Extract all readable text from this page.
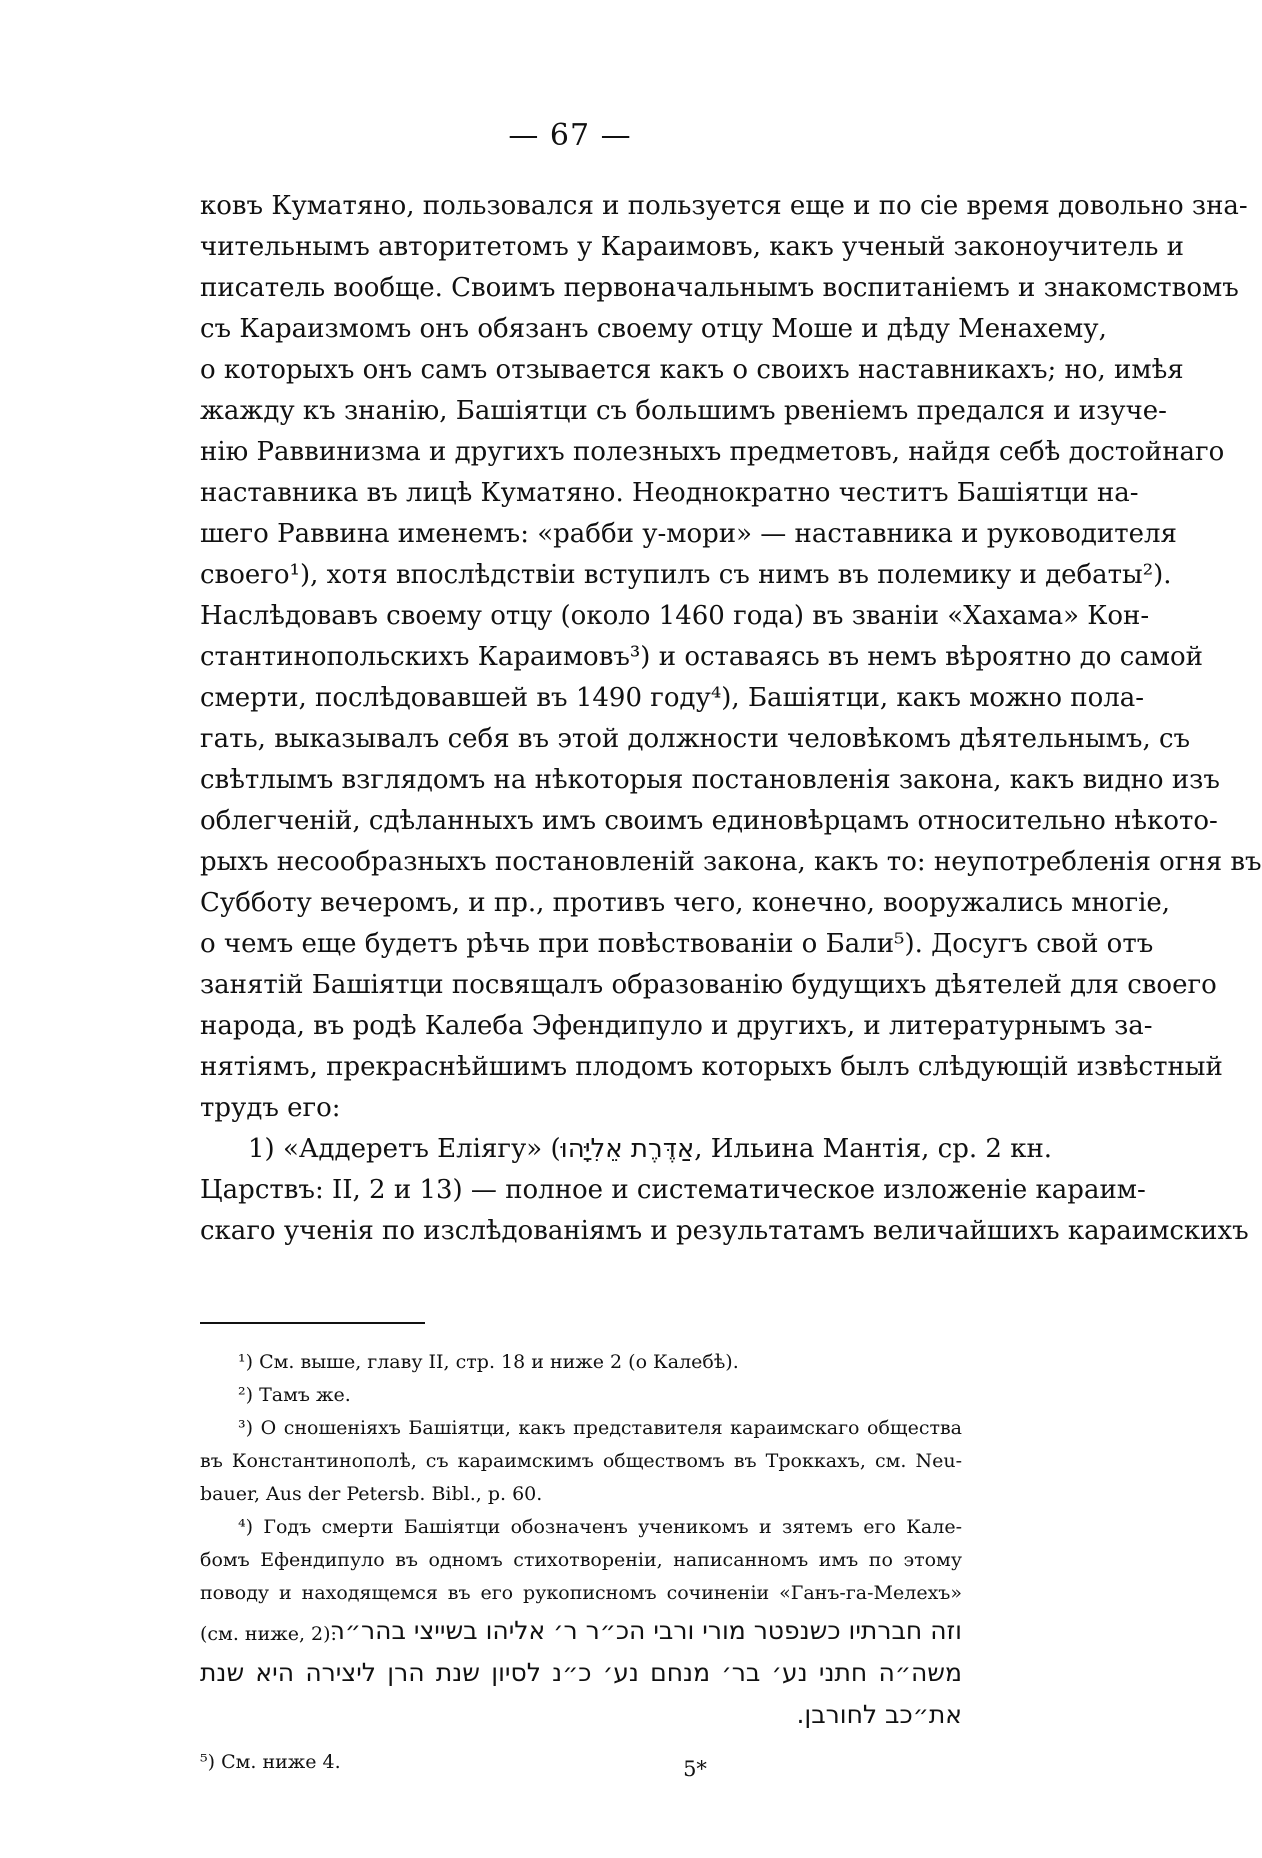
— 67 —
ковъ Куматяно, пользовался и пользуется еще и по сіе время довольно зна-
чительнымъ авторитетомъ у Караимовъ, какъ ученый законоучитель и
писатель вообще. Своимъ первоначальнымъ воспитаніемъ и знакомствомъ
съ Караизмомъ онъ обязанъ своему отцу Моше и дѣду Менахему,
о которыхъ онъ самъ отзывается какъ о своихъ наставникахъ; но, имѣя
жажду къ знанію, Башіятци съ большимъ рвеніемъ предался и изуче-
нію Раввинизма и другихъ полезныхъ предметовъ, найдя себѣ достойнаго
наставника въ лицѣ Куматяно. Неоднократно честитъ Башіятци на-
шего Раввина именемъ: «рабби у-мори» — наставника и руководителя
своего¹), хотя впослѣдствіи вступилъ съ нимъ въ полемику и дебаты²).
Наслѣдовавъ своему отцу (около 1460 года) въ званіи «Хахама» Кон-
стантинопольскихъ Караимовъ³) и оставаясь въ немъ вѣроятно до самой
смерти, послѣдовавшей въ 1490 году⁴), Башіятци, какъ можно пола-
гать, выказывалъ себя въ этой должности человѣкомъ дѣятельнымъ, съ
свѣтлымъ взглядомъ на нѣкоторыя постановленія закона, какъ видно изъ
облегченій, сдѣланныхъ имъ своимъ единовѣрцамъ относительно нѣкото-
рыхъ несообразныхъ постановленій закона, какъ то: неупотребленія огня въ
Субботу вечеромъ, и пр., противъ чего, конечно, вооружались многіе,
о чемъ еще будетъ рѣчь при повѣствованіи о Бали⁵). Досугъ свой отъ
занятій Башіятци посвящалъ образованію будущихъ дѣятелей для своего
народа, въ родѣ Калеба Эфендипуло и другихъ, и литературнымъ за-
нятіямъ, прекраснѣйшимъ плодомъ которыхъ былъ слѣдующій извѣстный
трудъ его:
1) «Аддеретъ Еліягу» (אַדֶּרֶת אֵלִיָּהוּ, Ильина Мантія, ср. 2 кн.
Царствъ: II, 2 и 13) — полное и систематическое изложеніе караим-
скаго ученія по изслѣдованіямъ и результатамъ величайшихъ караимскихъ
¹) См. выше, главу II, стр. 18 и ниже 2 (о Калебѣ).
²) Тамъ же.
³) О сношеніяхъ Башіятци, какъ представителя караимскаго общества
въ Константинополѣ, съ караимскимъ обществомъ въ Троккахъ, см. Neu-
bauer, Aus der Petersb. Bibl., p. 60.
⁴) Годъ смерти Башіятци обозначенъ ученикомъ и зятемъ его Кале-
бомъ Ефендипуло въ одномъ стихотвореніи, написанномъ имъ по этому
поводу и находящемся въ его рукописномъ сочиненіи «Ганъ-га-Мелехъ»
(см. ниже, 2):
וזה חברתיו כשנפטר מורי ורבי הכ״ר ר׳ אליהו בשייצי בהר״ר
משה״ה חתני נע׳ בר׳ מנחם נע׳ כ״נ לסיון שנת הרן ליצירה היא שנת
את״כב לחורבן.
⁵) См. ниже 4.	5*
